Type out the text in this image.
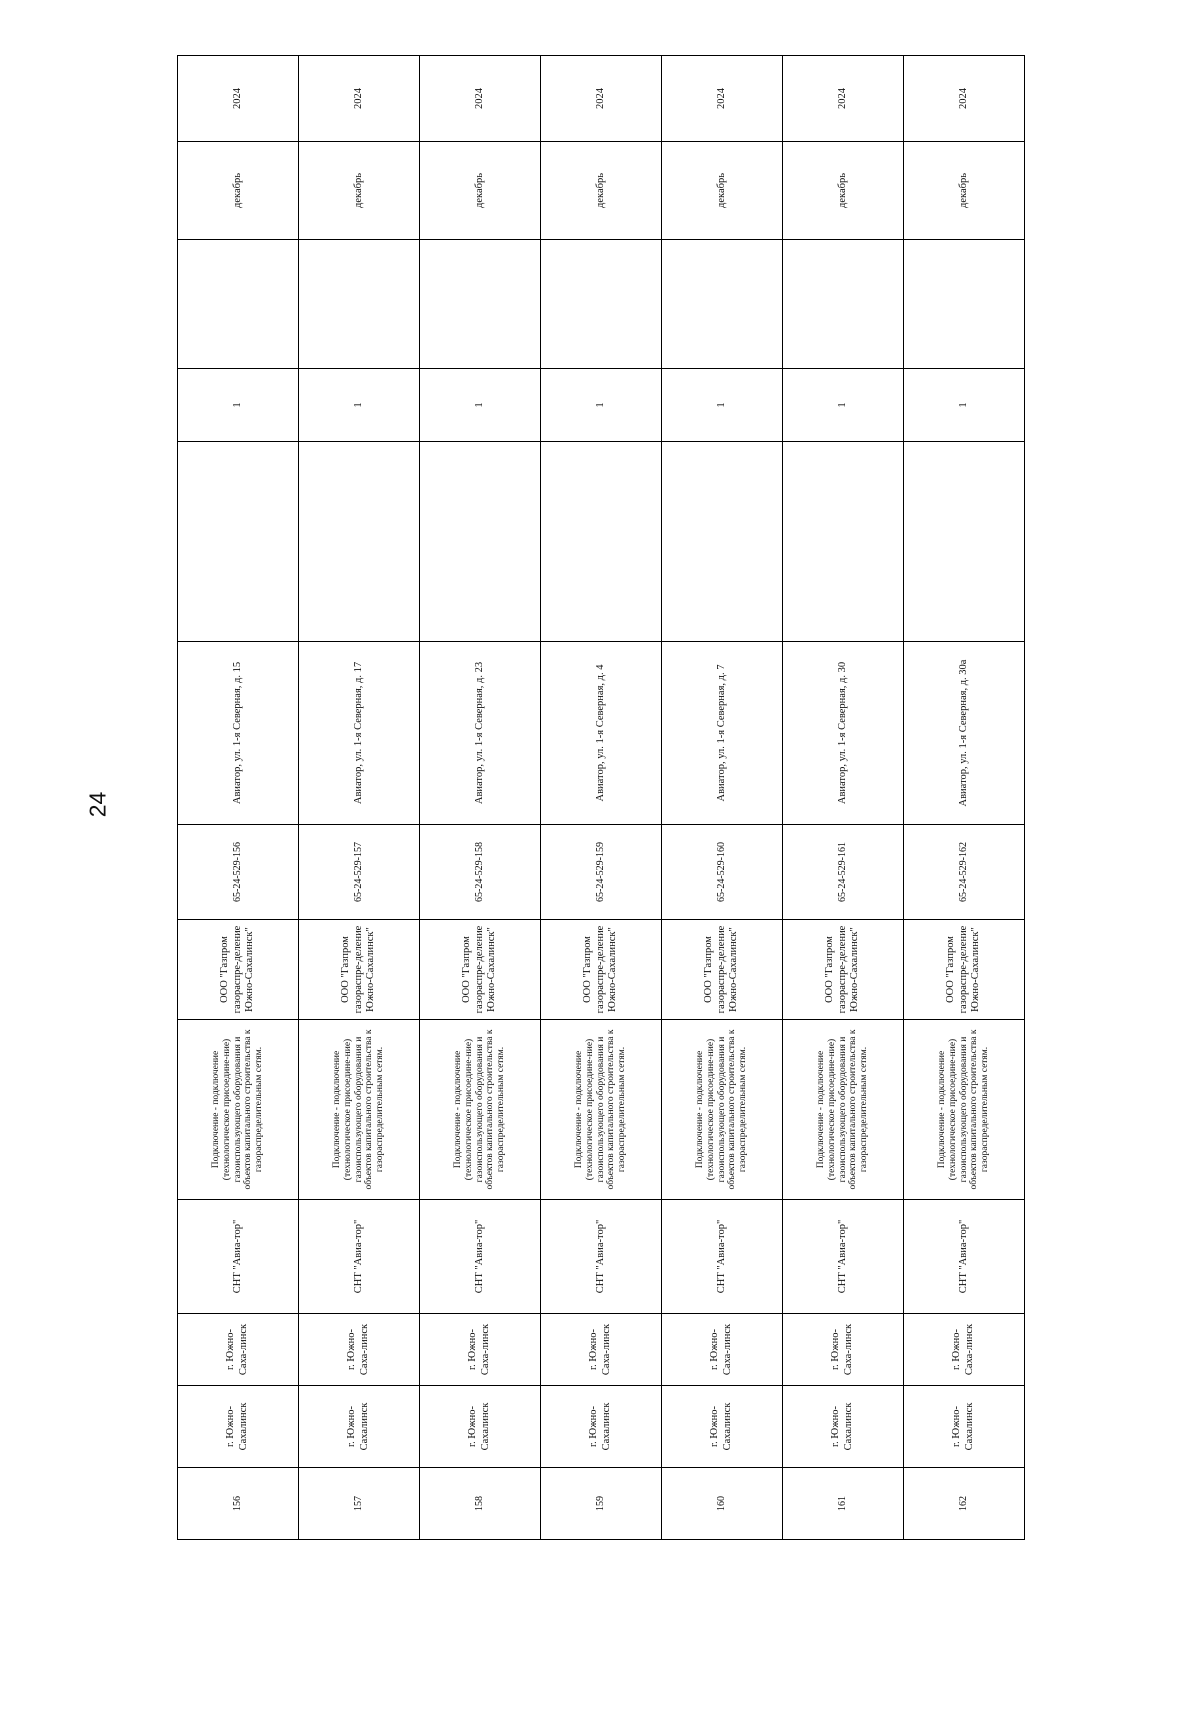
24
156	г. Южно-Сахалинск	г. Южно-Саха-линск	СНТ "Авиа-тор"	Подключение - подключение (технологическое присоедине-ние) газоиспользующего оборудования и объектов капитального строительства к газораспределительным сетям.	ООО "Газпром газораспре-деление Южно-Сахалинск"	65-24-529-156	Авиатор, ул. 1-я Северная, д. 15		1		декабрь	2024
157	г. Южно-Сахалинск	г. Южно-Саха-линск	СНТ "Авиа-тор"	Подключение - подключение (технологическое присоедине-ние) газоиспользующего оборудования и объектов капитального строительства к газораспределительным сетям.	ООО "Газпром газораспре-деление Южно-Сахалинск"	65-24-529-157	Авиатор, ул. 1-я Северная, д. 17		1		декабрь	2024
158	г. Южно-Сахалинск	г. Южно-Саха-линск	СНТ "Авиа-тор"	Подключение - подключение (технологическое присоедине-ние) газоиспользующего оборудования и объектов капитального строительства к газораспределительным сетям.	ООО "Газпром газораспре-деление Южно-Сахалинск"	65-24-529-158	Авиатор, ул. 1-я Северная, д. 23		1		декабрь	2024
159	г. Южно-Сахалинск	г. Южно-Саха-линск	СНТ "Авиа-тор"	Подключение - подключение (технологическое присоедине-ние) газоиспользующего оборудования и объектов капитального строительства к газораспределительным сетям.	ООО "Газпром газораспре-деление Южно-Сахалинск"	65-24-529-159	Авиатор, ул. 1-я Северная, д. 4		1		декабрь	2024
160	г. Южно-Сахалинск	г. Южно-Саха-линск	СНТ "Авиа-тор"	Подключение - подключение (технологическое присоедине-ние) газоиспользующего оборудования и объектов капитального строительства к газораспределительным сетям.	ООО "Газпром газораспре-деление Южно-Сахалинск"	65-24-529-160	Авиатор, ул. 1-я Северная, д. 7		1		декабрь	2024
161	г. Южно-Сахалинск	г. Южно-Саха-линск	СНТ "Авиа-тор"	Подключение - подключение (технологическое присоедине-ние) газоиспользующего оборудования и объектов капитального строительства к газораспределительным сетям.	ООО "Газпром газораспре-деление Южно-Сахалинск"	65-24-529-161	Авиатор, ул. 1-я Северная, д. 30		1		декабрь	2024
162	г. Южно-Сахалинск	г. Южно-Саха-линск	СНТ "Авиа-тор"	Подключение - подключение (технологическое присоедине-ние) газоиспользующего оборудования и объектов капитального строительства к газораспределительным сетям.	ООО "Газпром газораспре-деление Южно-Сахалинск"	65-24-529-162	Авиатор, ул. 1-я Северная, д. 30а		1		декабрь	2024
